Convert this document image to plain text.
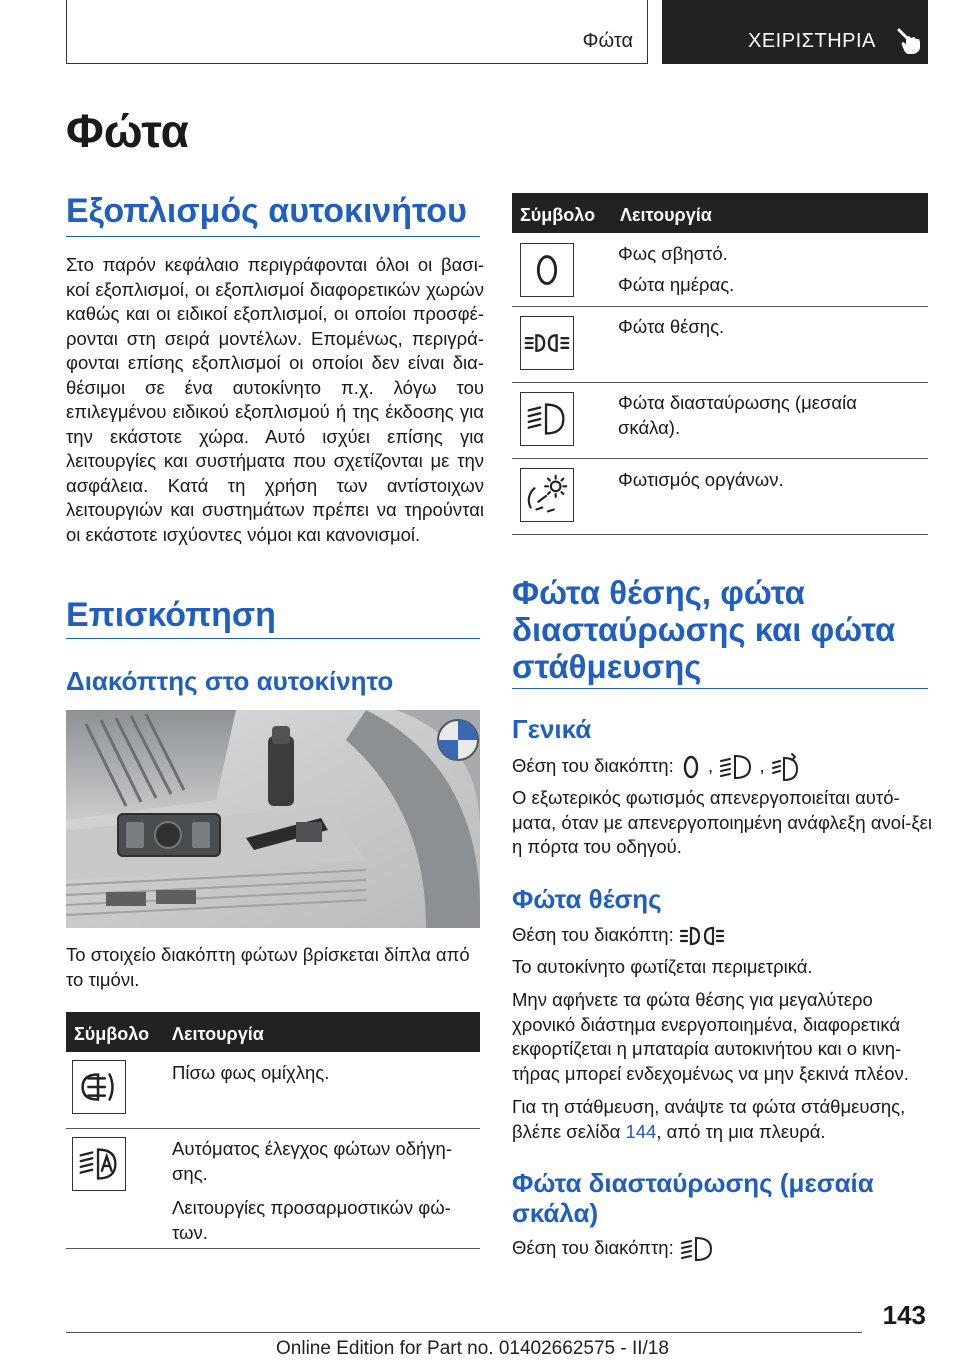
Φώτα	ΧΕΙΡΙΣΤΗΡΙΑ
Φώτα
Εξοπλισμός αυτοκινήτου

Στο παρόν κεφάλαιο περιγράφονται όλοι οι βασι-κοί εξοπλισμοί, οι εξοπλισμοί διαφορετικών χωρών καθώς και οι ειδικοί εξοπλισμοί, οι οποίοι προσφέ-ρονται στη σειρά μοντέλων. Επομένως, περιγρά-φονται επίσης εξοπλισμοί οι οποίοι δεν είναι δια-θέσιμοι σε ένα αυτοκίνητο π.χ. λόγω του επιλεγμένου ειδικού εξοπλισμού ή της έκδοσης για την εκάστοτε χώρα. Αυτό ισχύει επίσης για λειτουργίες και συστήματα που σχετίζονται με την ασφάλεια. Κατά τη χρήση των αντίστοιχων λειτουργιών και συστημάτων πρέπει να τηρούνται οι εκάστοτε ισχύοντες νόμοι και κανονισμοί.

Επισκόπηση
Διακόπτης στο αυτοκίνητο

Το στοιχείο διακόπτη φώτων βρίσκεται δίπλα από το τιμόνι.

Σύμβολο Λειτουργία

Πίσω φως ομίχλης.

Αυτόματος έλεγχος φώτων οδήγη-σης.

Λειτουργίες προσαρμοστικών φώ-των.

Σύμβολο Λειτουργία

Φως σβηστό.

Φώτα ημέρας.

Φώτα θέσης.

Φώτα διασταύρωσης (μεσαία σκάλα).

Φωτισμός οργάνων.

Φώτα θέσης, φώτα διασταύρωσης και φώτα στάθμευσης
Γενικά

Θέση του διακόπτη: ,	,

Ο εξωτερικός φωτισμός απενεργοποιείται αυτό-ματα, όταν με απενεργοποιημένη ανάφλεξη ανοί-ξει η πόρτα του οδηγού.

Φώτα θέσης

Θέση του διακόπτη:

Το αυτοκίνητο φωτίζεται περιμετρικά.

Μην αφήνετε τα φώτα θέσης για μεγαλύτερο χρονικό διάστημα ενεργοποιημένα, διαφορετικά εκφορτίζεται η μπαταρία αυτοκινήτου και ο κινη-τήρας μπορεί ενδεχομένως να μην ξεκινά πλέον.

Για τη στάθμευση, ανάψτε τα φώτα στάθμευσης, βλέπε σελίδα 144, από τη μια πλευρά.

Φώτα διασταύρωσης (μεσαία σκάλα)

Θέση του διακόπτη:

143
Online Edition for Part no. 01402662575 - II/18
